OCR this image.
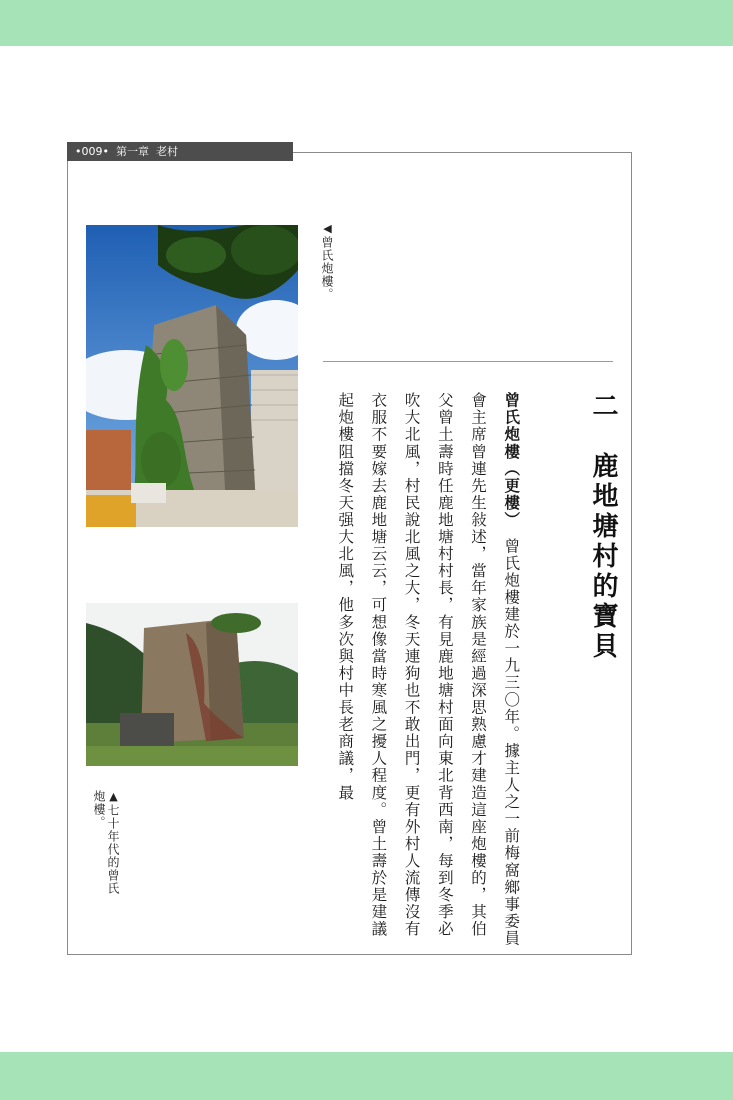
•009•  第一章  老村
◀曾氏炮樓。
▲七十年代的曾氏炮樓。
二　鹿地塘村的寶貝

曾氏炮樓（更樓）　曾氏炮樓建於一九三〇年。據主人之一前梅窩鄉事委員會主席曾連先生敍述，當年家族是經過深思熟慮才建造這座炮樓的，其伯父曾土壽時任鹿地塘村村長，有見鹿地塘村面向東北背西南，每到冬季必吹大北風，村民說北風之大，冬天連狗也不敢出門，更有外村人流傳沒有衣服不要嫁去鹿地塘云云，可想像當時寒風之擾人程度。曾土壽於是建議起炮樓阻擋冬天强大北風，他多次與村中長老商議，最
